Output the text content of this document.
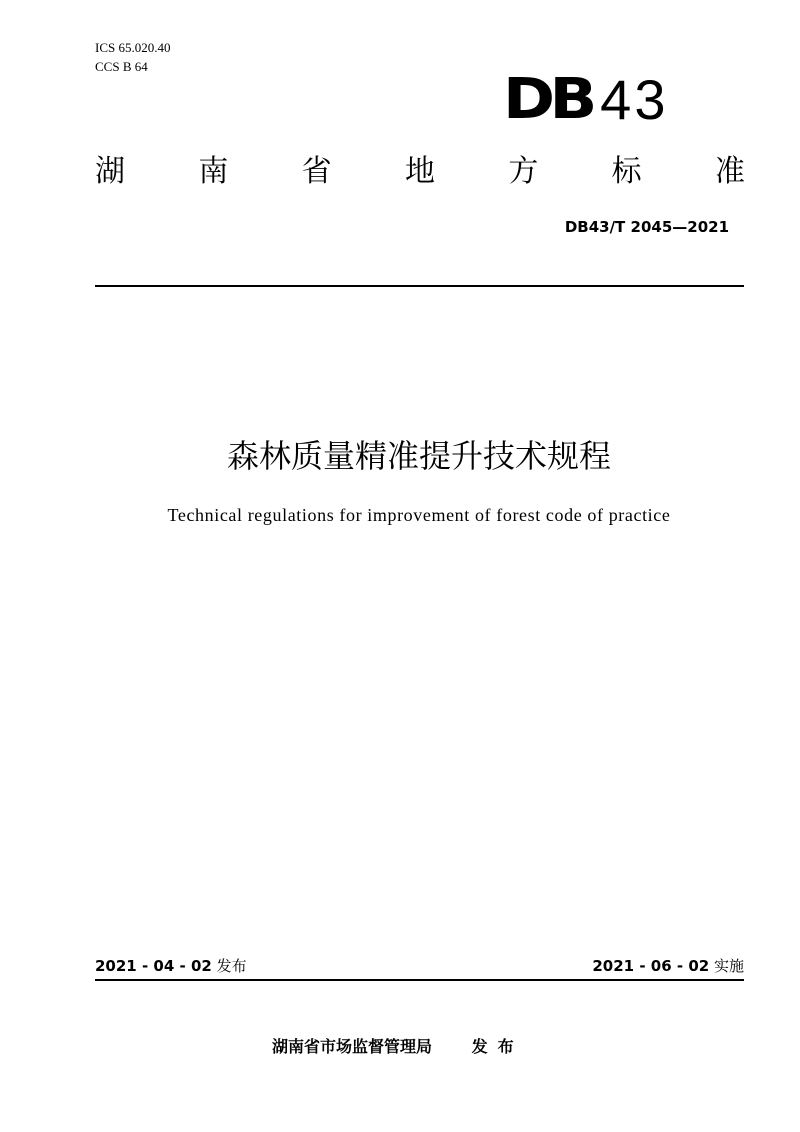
ICS 65.020.40
CCS B 64	DB 43
湖 南 省 地 方 标 准
DB43/T 2045—2021
森林质量精准提升技术规程
Technical regulations for improvement of forest code of practice
2021 - 04 - 02 发布	2021 - 06 - 02 实施
湖南省市场监督管理局 发布
